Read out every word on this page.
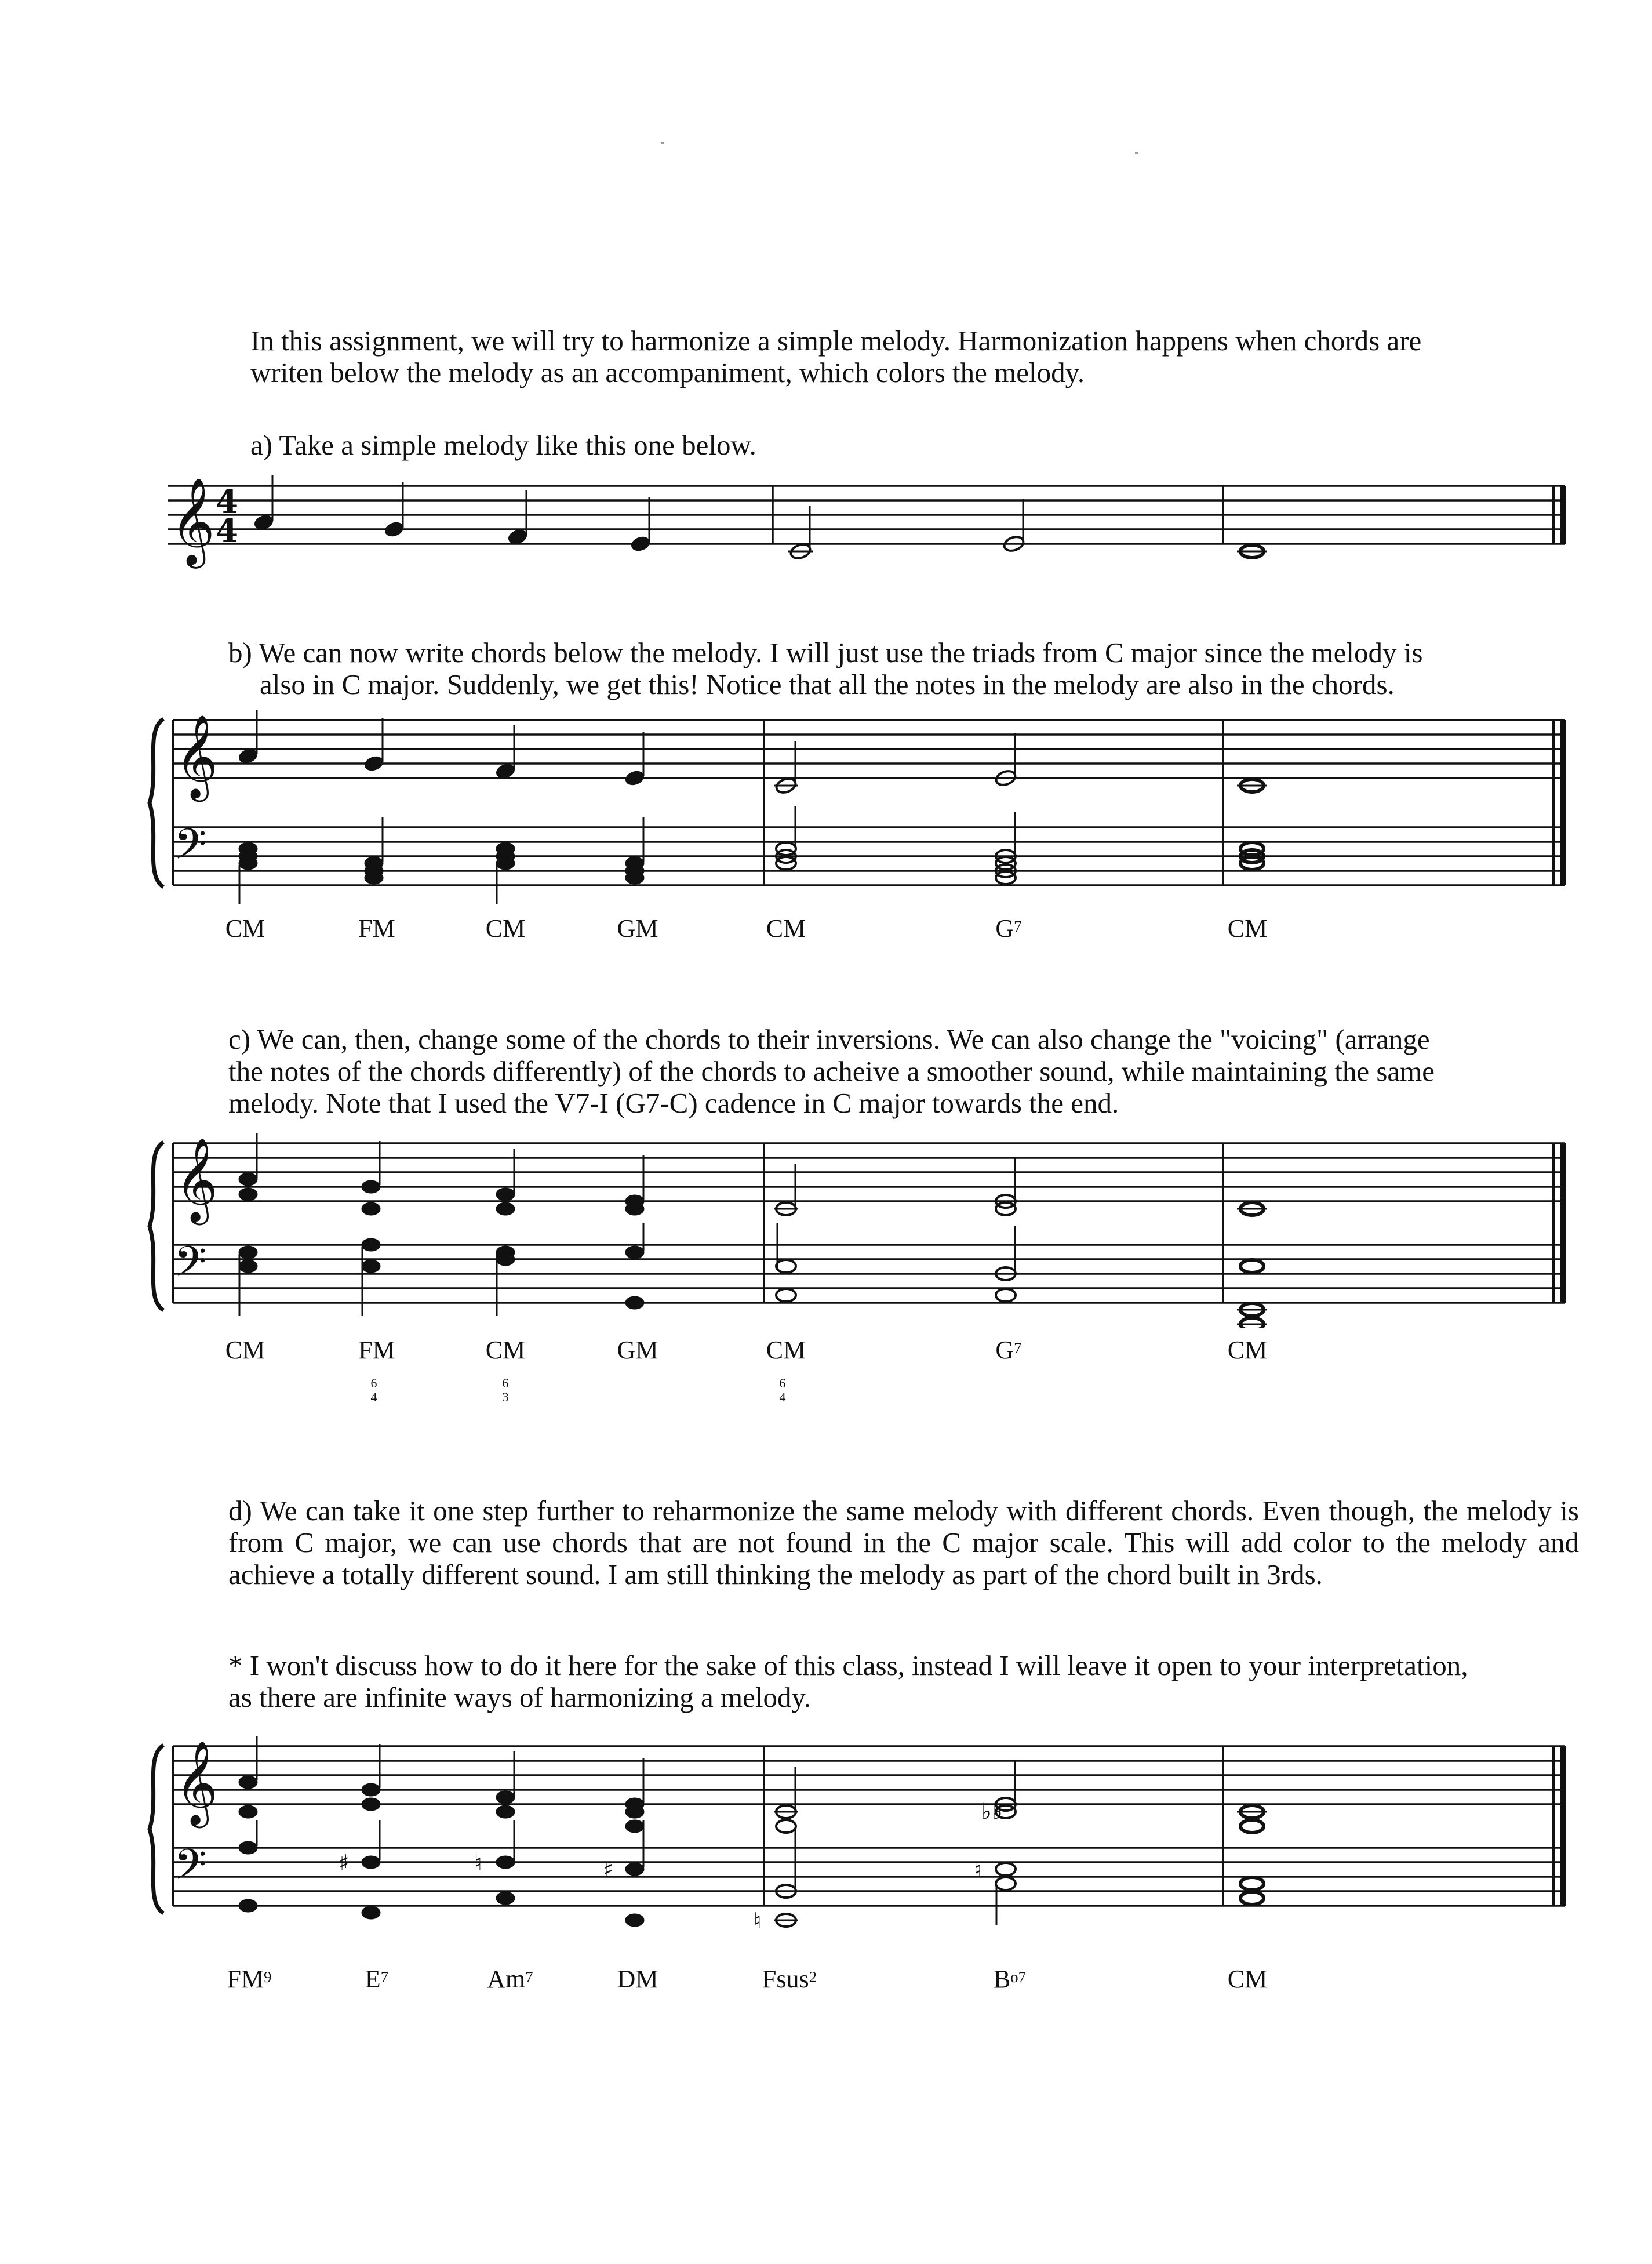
In this assignment, we will try to harmonize a simple melody. Harmonization happens when chords are

writen below the melody as an accompaniment, which colors the melody.

a) Take a simple melody like this one below.

𝄞 4
4

b) We can now write chords below the melody. I will just use the triads from C major since the melody is

also in C major. Suddenly, we get this! Notice that all the notes in the melody are also in the chords.

𝄞
𝄢
CM	FM	CM	GM	CM	$G^7$	CM

c) We can, then, change some of the chords to their inversions. We can also change the "voicing" (arrange

the notes of the chords differently) of the chords to acheive a smoother sound, while maintaining the same

melody. Note that I used the V7-I (G7-C) cadence in C major towards the end.

𝄞
𝄢
CM	FM	CM	GM	CM	$G^7$	CM
6
4
6
3
6
4

d) We can take it one step further to reharmonize the same melody with different chords. Even though, the melody is from C major, we can use chords that are not found in the C major scale. This will add color to the melody and achieve a totally different sound. I am still thinking the melody as part of the chord built in 3rds.

* I won't discuss how to do it here for the sake of this class, instead I will leave it open to your interpretation,

as there are infinite ways of harmonizing a melody.

𝄞
𝄢
♭♭
♯	♮	♯
♮
♮
$FM^9$	$E^7$	Am$^7$	DM	Fsus$^2$	$B^{o7}$	CM
